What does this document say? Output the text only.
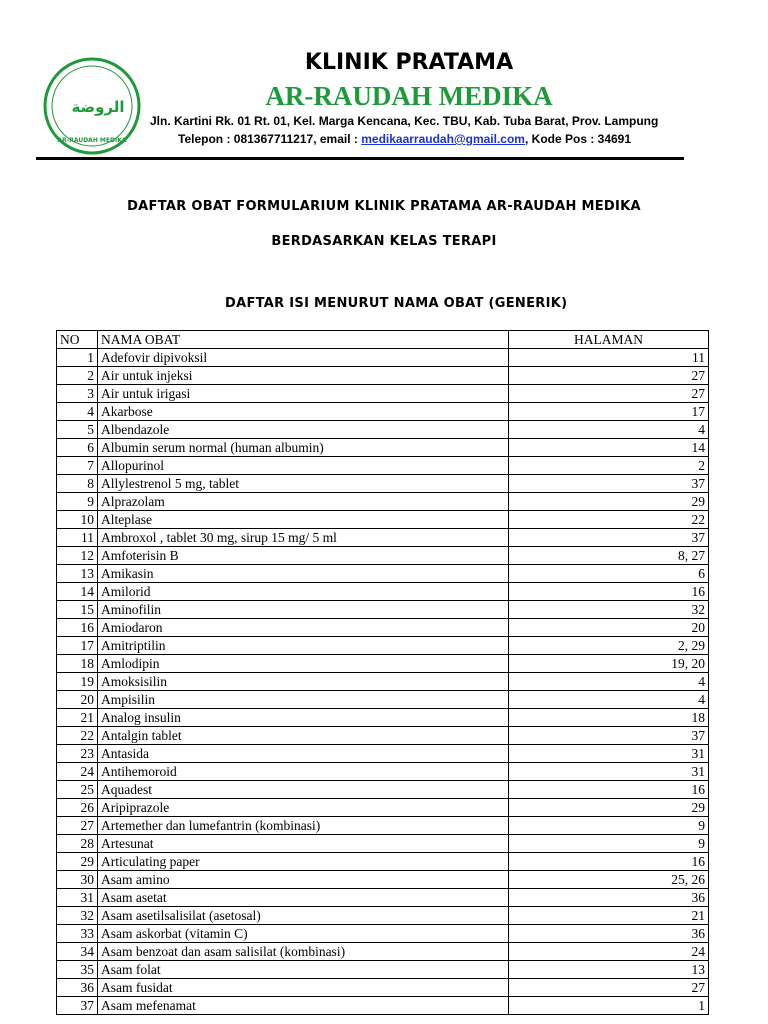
الروضة
AR-RAUDAH MEDIKA
KLINIK PRATAMA
AR-RAUDAH MEDIKA
Jln. Kartini Rk. 01 Rt. 01, Kel. Marga Kencana, Kec. TBU, Kab. Tuba Barat, Prov. Lampung
Telepon : 081367711217, email : medikaarraudah@gmail.com, Kode Pos : 34691
DAFTAR OBAT FORMULARIUM KLINIK PRATAMA AR-RAUDAH MEDIKA
BERDASARKAN KELAS TERAPI
DAFTAR ISI MENURUT NAMA OBAT (GENERIK)
NO	NAMA OBAT	HALAMAN
1	Adefovir dipivoksil	11
2	Air untuk injeksi	27
3	Air untuk irigasi	27
4	Akarbose	17
5	Albendazole	4
6	Albumin serum normal (human albumin)	14
7	Allopurinol	2
8	Allylestrenol 5 mg, tablet	37
9	Alprazolam	29
10	Alteplase	22
11	Ambroxol , tablet 30 mg, sirup 15 mg/ 5 ml	37
12	Amfoterisin B	8, 27
13	Amikasin	6
14	Amilorid	16
15	Aminofilin	32
16	Amiodaron	20
17	Amitriptilin	2, 29
18	Amlodipin	19, 20
19	Amoksisilin	4
20	Ampisilin	4
21	Analog insulin	18
22	Antalgin tablet	37
23	Antasida	31
24	Antihemoroid	31
25	Aquadest	16
26	Aripiprazole	29
27	Artemether dan lumefantrin (kombinasi)	9
28	Artesunat	9
29	Articulating paper	16
30	Asam amino	25, 26
31	Asam asetat	36
32	Asam asetilsalisilat (asetosal)	21
33	Asam askorbat (vitamin C)	36
34	Asam benzoat dan asam salisilat (kombinasi)	24
35	Asam folat	13
36	Asam fusidat	27
37	Asam mefenamat	1
